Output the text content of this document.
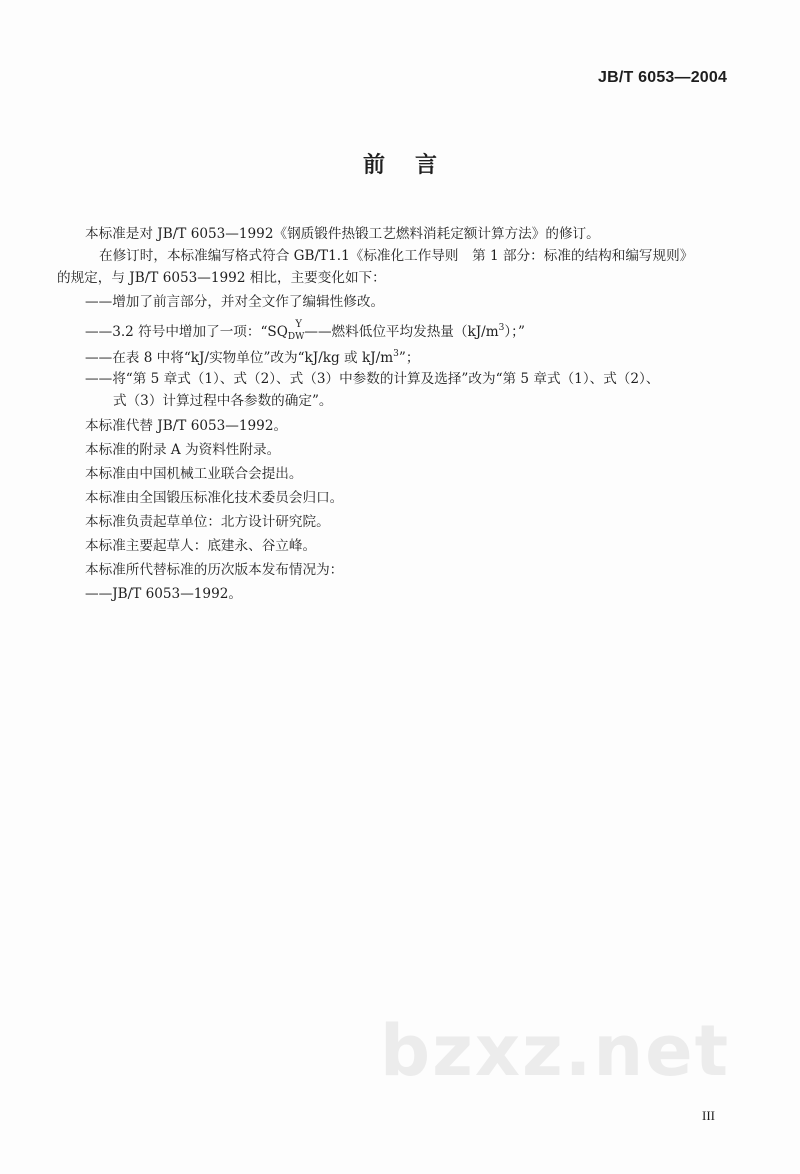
JB/T 6053—2004
前言
本标准是对 JB/T 6053—1992《钢质锻件热锻工艺燃料消耗定额计算方法》的修订。
在修订时，本标准编写格式符合 GB/T1.1《标准化工作导则　第 1 部分：标准的结构和编写规则》
的规定，与 JB/T 6053—1992 相比，主要变化如下：
——增加了前言部分，并对全文作了编辑性修改。
——3.2 符号中增加了一项：“SQ Y
$_{DW}$——燃料低位平均发热量$(kJ/m^3)$；”
——在表 8 中将“kJ/实物单位”改为“kJ/kg 或 $kJ/m^3$”；
——将“第 5 章式（1）、式（2）、式（3）中参数的计算及选择”改为“第 5 章式（1）、式（2）、
式（3）计算过程中各参数的确定”。
本标准代替 JB/T 6053—1992。
本标准的附录 A 为资料性附录。
本标准由中国机械工业联合会提出。
本标准由全国锻压标准化技术委员会归口。
本标准负责起草单位：北方设计研究院。
本标准主要起草人：底建永、谷立峰。
本标准所代替标准的历次版本发布情况为：
——JB/T 6053—1992。
bzxz.net
III
